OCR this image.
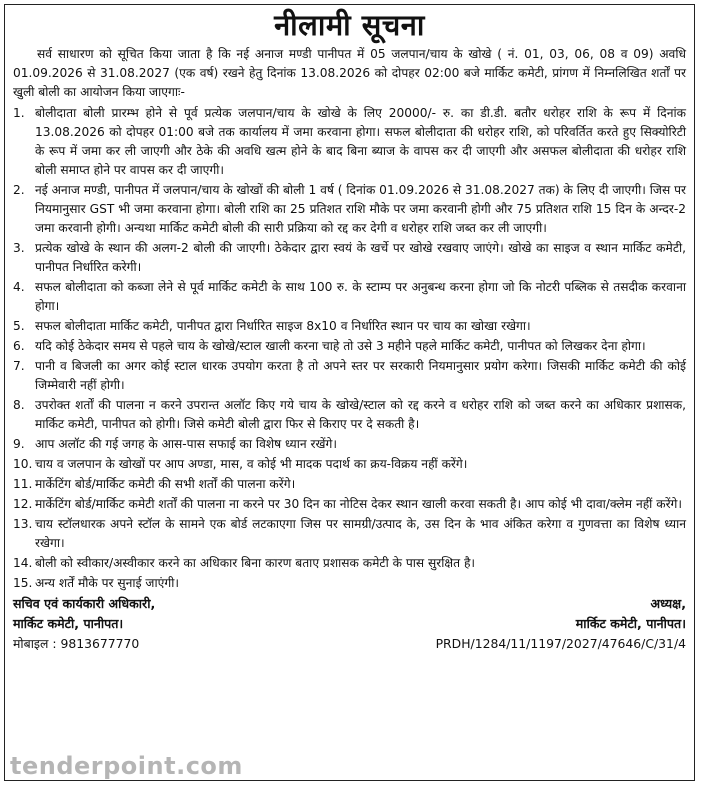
नीलामी सूचना
सर्व साधारण को सूचित किया जाता है कि नई अनाज मण्डी पानीपत में 05 जलपान/चाय के खोखे ( नं. 01, 03, 06, 08 व 09) अवधि 01.09.2026 से 31.08.2027 (एक वर्ष) रखने हेतु दिनांक 13.08.2026 को दोपहर 02:00 बजे मार्किट कमेटी, प्रांगण में निम्नलिखित शर्तों पर खुली बोली का आयोजन किया जाएगाः-
1. बोलीदाता बोली प्रारम्भ होने से पूर्व प्रत्येक जलपान/चाय के खोखे के लिए 20000/- रु. का डी.डी. बतौर धरोहर राशि के रूप में दिनांक 13.08.2026 को दोपहर 01:00 बजे तक कार्यालय में जमा करवाना होगा। सफल बोलीदाता की धरोहर राशि, को परिवर्तित करते हुए सिक्योरिटी के रूप में जमा कर ली जाएगी और ठेके की अवधि खत्म होने के बाद बिना ब्याज के वापस कर दी जाएगी और असफल बोलीदाता की धरोहर राशि बोली समाप्त होने पर वापस कर दी जाएगी।
2. नई अनाज मण्डी, पानीपत में जलपान/चाय के खोखों की बोली 1 वर्ष ( दिनांक 01.09.2026 से 31.08.2027 तक) के लिए दी जाएगी। जिस पर नियमानुसार GST भी जमा करवाना होगा। बोली राशि का 25 प्रतिशत राशि मौके पर जमा करवानी होगी और 75 प्रतिशत राशि 15 दिन के अन्दर-2 जमा करवानी होगी। अन्यथा मार्किट कमेटी बोली की सारी प्रक्रिया को रद्द कर देगी व धरोहर राशि जब्त कर ली जाएगी।
3. प्रत्येक खोखे के स्थान की अलग-2 बोली की जाएगी। ठेकेदार द्वारा स्वयं के खर्चे पर खोखे रखवाए जाएंगे। खोखे का साइज व स्थान मार्किट कमेटी, पानीपत निर्धारित करेगी।
4. सफल बोलीदाता को कब्जा लेने से पूर्व मार्किट कमेटी के साथ 100 रु. के स्टाम्प पर अनुबन्ध करना होगा जो कि नोटरी पब्लिक से तसदीक करवाना होगा।
5. सफल बोलीदाता मार्किट कमेटी, पानीपत द्वारा निर्धारित साइज 8x10 व निर्धारित स्थान पर चाय का खोखा रखेगा।
6. यदि कोई ठेकेदार समय से पहले चाय के खोखे/स्टाल खाली करना चाहे तो उसे 3 महीने पहले मार्किट कमेटी, पानीपत को लिखकर देना होगा।
7. पानी व बिजली का अगर कोई स्टाल धारक उपयोग करता है तो अपने स्तर पर सरकारी नियमानुसार प्रयोग करेगा। जिसकी मार्किट कमेटी की कोई जिम्मेवारी नहीं होगी।
8. उपरोक्त शर्तों की पालना न करने उपरान्त अलॉट किए गये चाय के खोखे/स्टाल को रद्द करने व धरोहर राशि को जब्त करने का अधिकार प्रशासक, मार्किट कमेटी, पानीपत को होगी। जिसे कमेटी बोली द्वारा फिर से किराए पर दे सकती है।
9. आप अलॉट की गई जगह के आस-पास सफाई का विशेष ध्यान रखेंगे।
10. चाय व जलपान के खोखों पर आप अण्डा, मास, व कोई भी मादक पदार्थ का क्रय-विक्रय नहीं करेंगे।
11. मार्केटिंग बोर्ड/मार्किट कमेटी की सभी शर्तों की पालना करेंगे।
12. मार्केटिंग बोर्ड/मार्किट कमेटी शर्तों की पालना ना करने पर 30 दिन का नोटिस देकर स्थान खाली करवा सकती है। आप कोई भी दावा/क्लेम नहीं करेंगे।
13. चाय स्टॉलधारक अपने स्टॉल के सामने एक बोर्ड लटकाएगा जिस पर सामग्री/उत्पाद के, उस दिन के भाव अंकित करेगा व गुणवत्ता का विशेष ध्यान रखेगा।
14. बोली को स्वीकार/अस्वीकार करने का अधिकार बिना कारण बताए प्रशासक कमेटी के पास सुरक्षित है।
15. अन्य शर्तें मौके पर सुनाई जाएंगी।
सचिव एवं कार्यकारी अधिकारी,
मार्किट कमेटी, पानीपत।
अध्यक्ष,
मार्किट कमेटी, पानीपत।
मोबाइल : 9813677770	PRDH/1284/11/1197/2027/47646/C/31/4
tenderpoint.com
